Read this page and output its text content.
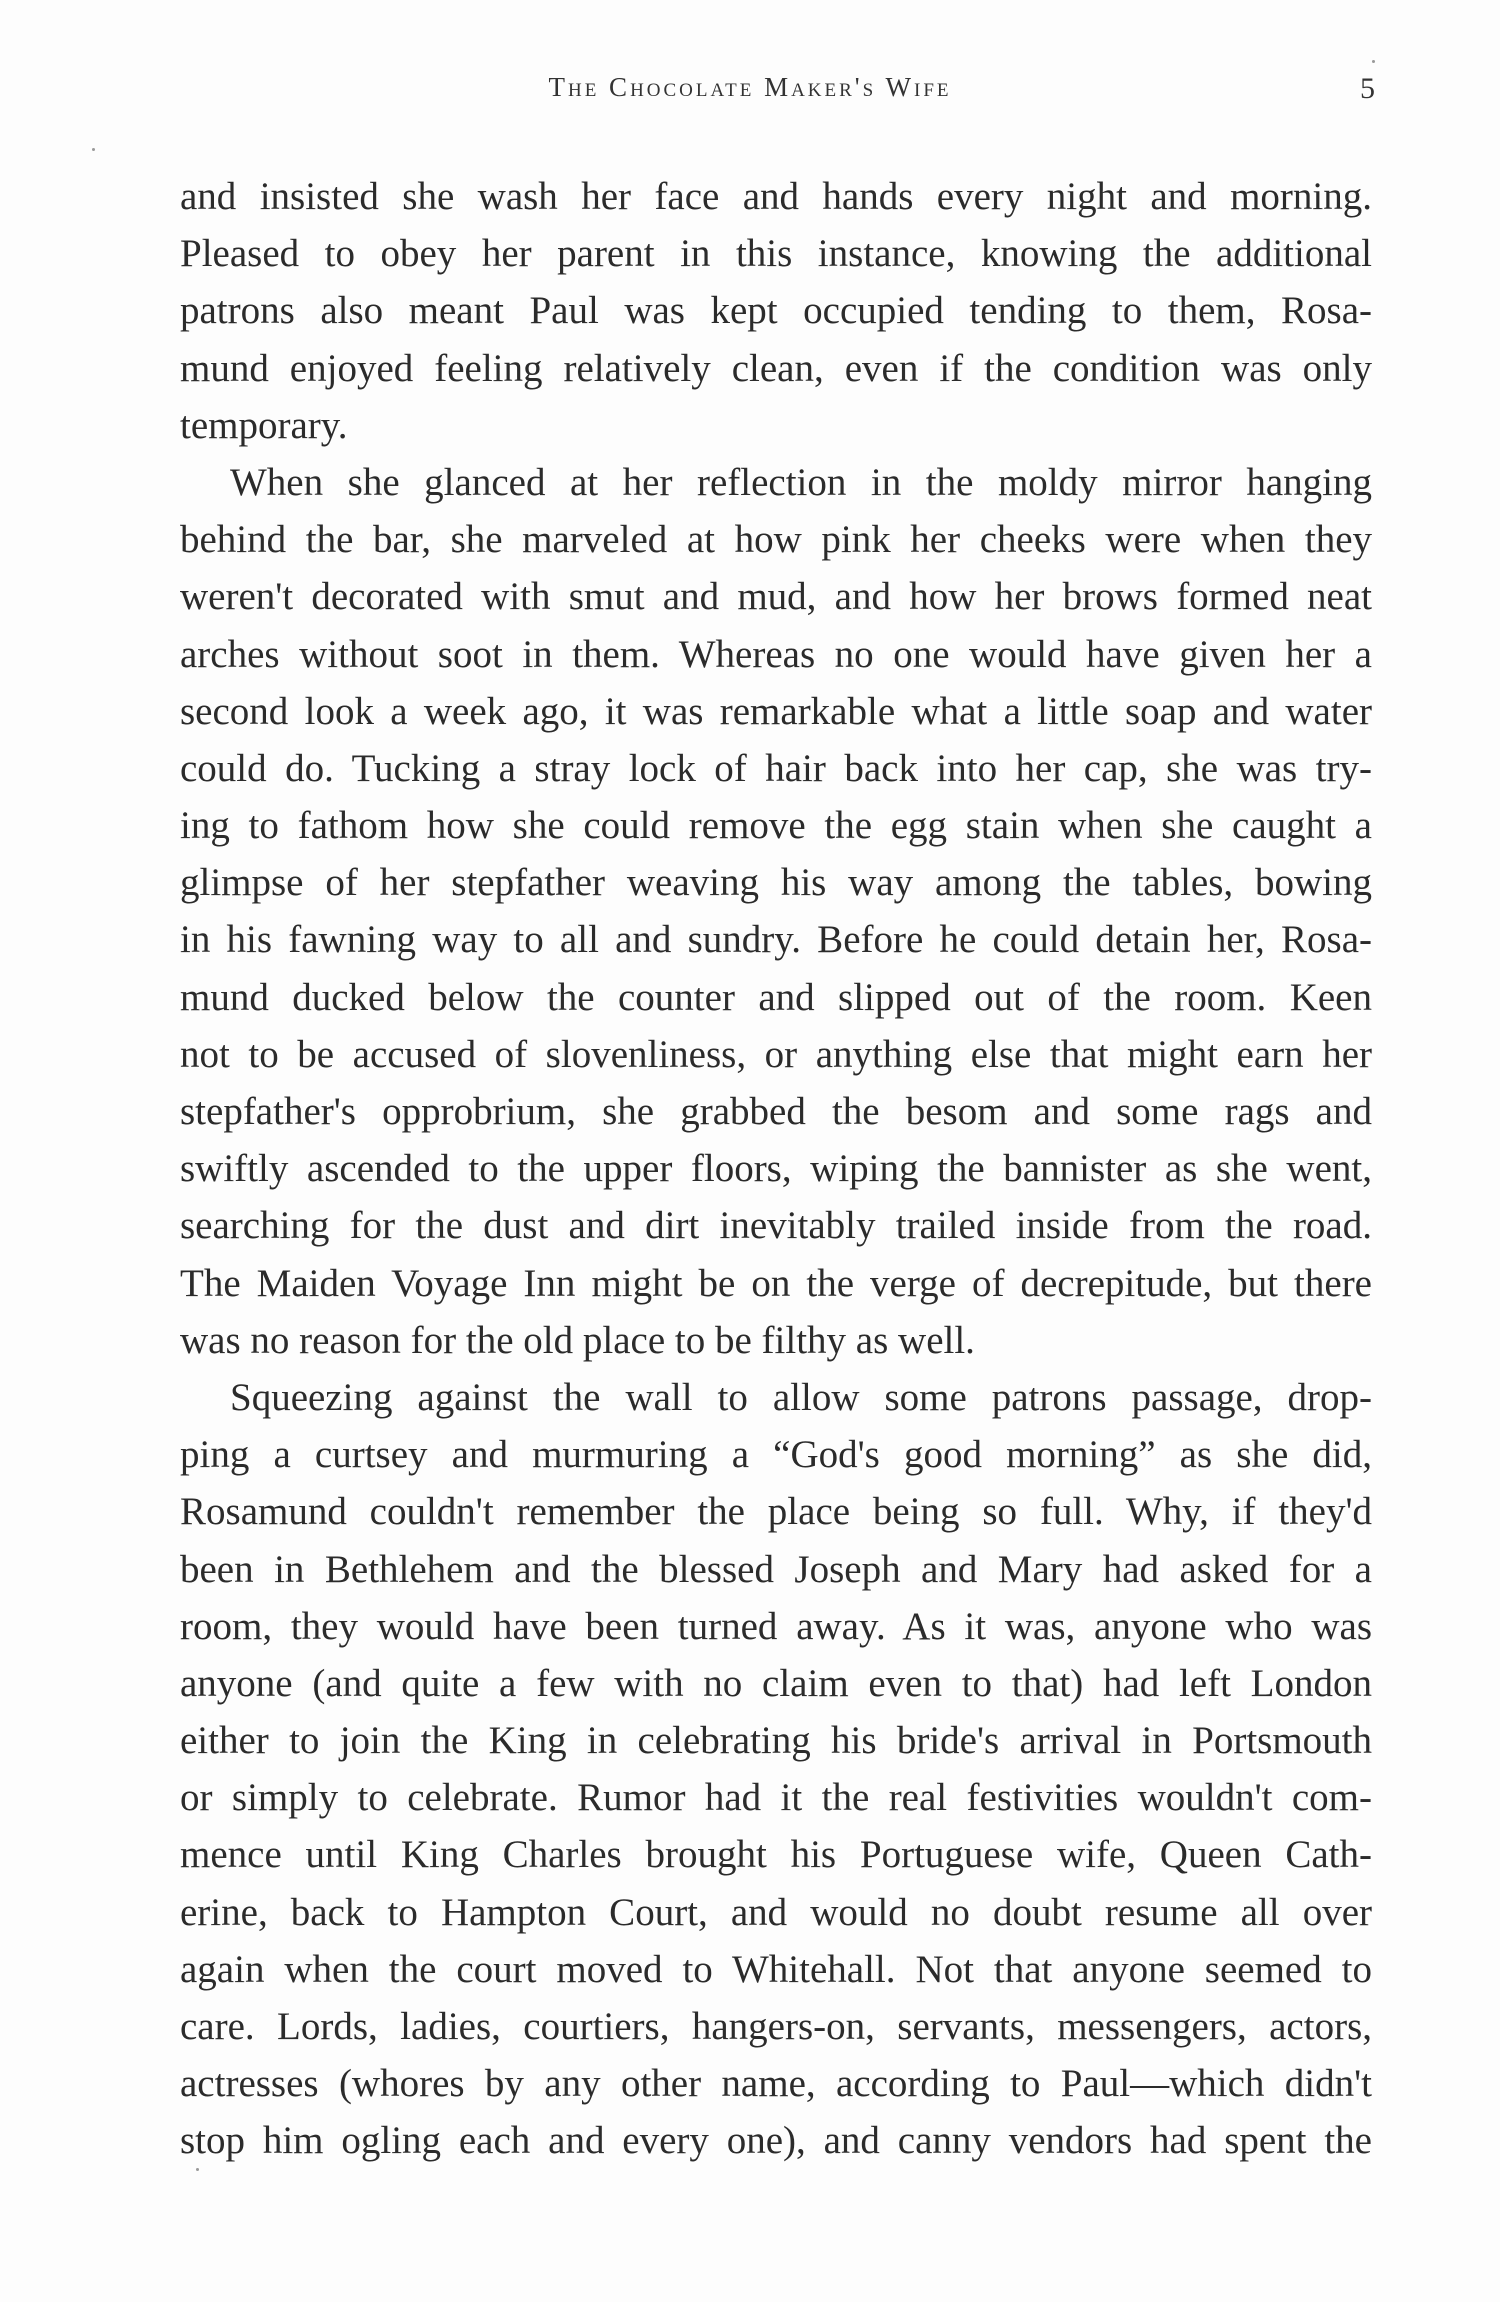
The Chocolate Maker's Wife	5
and insisted she wash her face and hands every night and morning.
Pleased to obey her parent in this instance, knowing the additional
patrons also meant Paul was kept occupied tending to them, Rosa-
mund enjoyed feeling relatively clean, even if the condition was only
temporary.
When she glanced at her reflection in the moldy mirror hanging
behind the bar, she marveled at how pink her cheeks were when they
weren't decorated with smut and mud, and how her brows formed neat
arches without soot in them. Whereas no one would have given her a
second look a week ago, it was remarkable what a little soap and water
could do. Tucking a stray lock of hair back into her cap, she was try-
ing to fathom how she could remove the egg stain when she caught a
glimpse of her stepfather weaving his way among the tables, bowing
in his fawning way to all and sundry. Before he could detain her, Rosa-
mund ducked below the counter and slipped out of the room. Keen
not to be accused of slovenliness, or anything else that might earn her
stepfather's opprobrium, she grabbed the besom and some rags and
swiftly ascended to the upper floors, wiping the bannister as she went,
searching for the dust and dirt inevitably trailed inside from the road.
The Maiden Voyage Inn might be on the verge of decrepitude, but there
was no reason for the old place to be filthy as well.
Squeezing against the wall to allow some patrons passage, drop-
ping a curtsey and murmuring a “God's good morning” as she did,
Rosamund couldn't remember the place being so full. Why, if they'd
been in Bethlehem and the blessed Joseph and Mary had asked for a
room, they would have been turned away. As it was, anyone who was
anyone (and quite a few with no claim even to that) had left London
either to join the King in celebrating his bride's arrival in Portsmouth
or simply to celebrate. Rumor had it the real festivities wouldn't com-
mence until King Charles brought his Portuguese wife, Queen Cath-
erine, back to Hampton Court, and would no doubt resume all over
again when the court moved to Whitehall. Not that anyone seemed to
care. Lords, ladies, courtiers, hangers-on, servants, messengers, actors,
actresses (whores by any other name, according to Paul—which didn't
stop him ogling each and every one), and canny vendors had spent the
